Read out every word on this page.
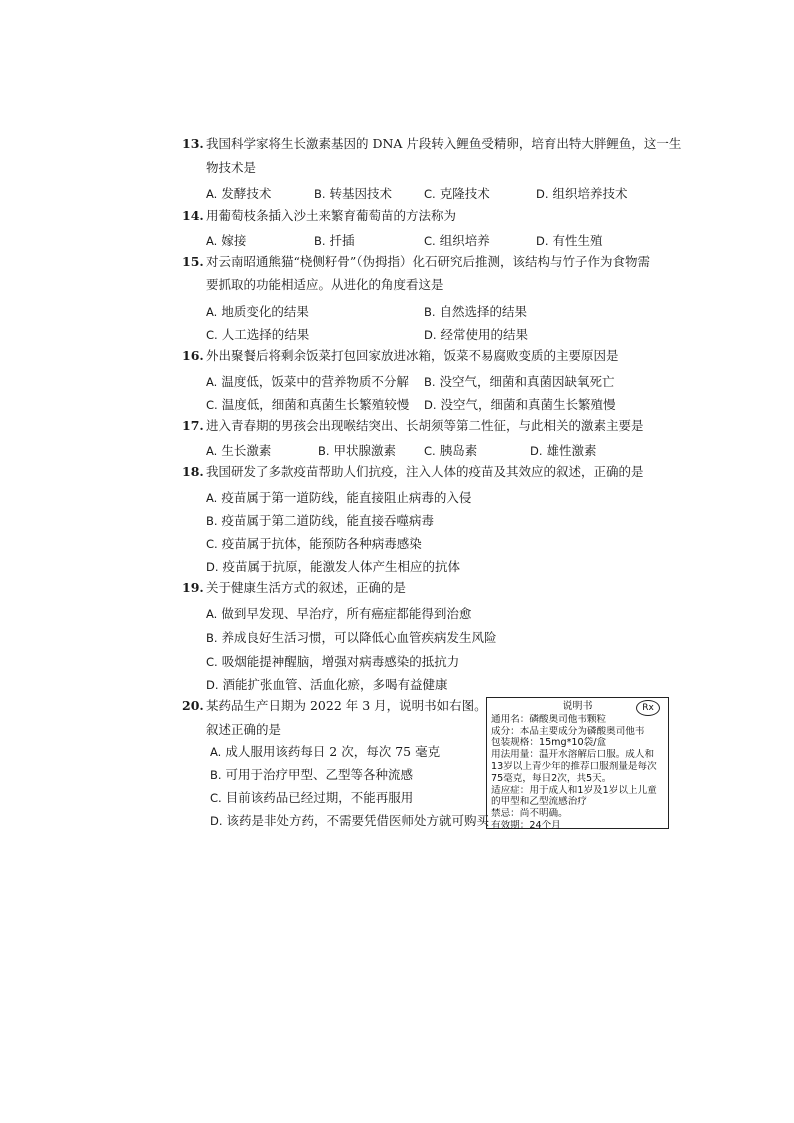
13. 我国科学家将生长激素基因的 DNA 片段转入鲤鱼受精卵，培育出特大胖鲤鱼，这一生
物技术是
A. 发酵技术	B. 转基因技术	C. 克隆技术	D. 组织培养技术
14. 用葡萄枝条插入沙土来繁育葡萄苗的方法称为
A. 嫁接	B. 扦插	C. 组织培养	D. 有性生殖
15. 对云南昭通熊猫“桡侧籽骨”（伪拇指）化石研究后推测，该结构与竹子作为食物需
要抓取的功能相适应。从进化的角度看这是
A. 地质变化的结果	B. 自然选择的结果
C. 人工选择的结果	D. 经常使用的结果
16. 外出聚餐后将剩余饭菜打包回家放进冰箱，饭菜不易腐败变质的主要原因是
A. 温度低，饭菜中的营养物质不分解 B. 没空气，细菌和真菌因缺氧死亡
C. 温度低，细菌和真菌生长繁殖较慢 D. 没空气，细菌和真菌生长繁殖慢
17. 进入青春期的男孩会出现喉结突出、长胡须等第二性征，与此相关的激素主要是
A. 生长激素	B. 甲状腺激素 C. 胰岛素	D. 雄性激素
18. 我国研发了多款疫苗帮助人们抗疫，注入人体的疫苗及其效应的叙述，正确的是
A. 疫苗属于第一道防线，能直接阻止病毒的入侵
B. 疫苗属于第二道防线，能直接吞噬病毒
C. 疫苗属于抗体，能预防各种病毒感染
D. 疫苗属于抗原，能激发人体产生相应的抗体
19. 关于健康生活方式的叙述，正确的是
A. 做到早发现、早治疗，所有癌症都能得到治愈
B. 养成良好生活习惯，可以降低心血管疾病发生风险
C. 吸烟能提神醒脑，增强对病毒感染的抵抗力
D. 酒能扩张血管、活血化瘀，多喝有益健康
20. 某药品生产日期为 2022 年 3 月，说明书如右图。
叙述正确的是
A. 成人服用该药每日 2 次，每次 75 毫克
B. 可用于治疗甲型、乙型等各种流感
C. 目前该药品已经过期，不能再服用
D. 该药是非处方药，不需要凭借医师处方就可购买
说明书	Rx
通用名：磷酸奥司他韦颗粒
成分：本品主要成分为磷酸奥司他韦
包装规格：15mg*10袋/盒
用法用量：温开水溶解后口服。成人和
13岁以上青少年的推荐口服剂量是每次
75毫克，每日2次，共5天。
适应症：用于成人和1岁及1岁以上儿童
的甲型和乙型流感治疗
禁忌：尚不明确。
有效期：24个月
